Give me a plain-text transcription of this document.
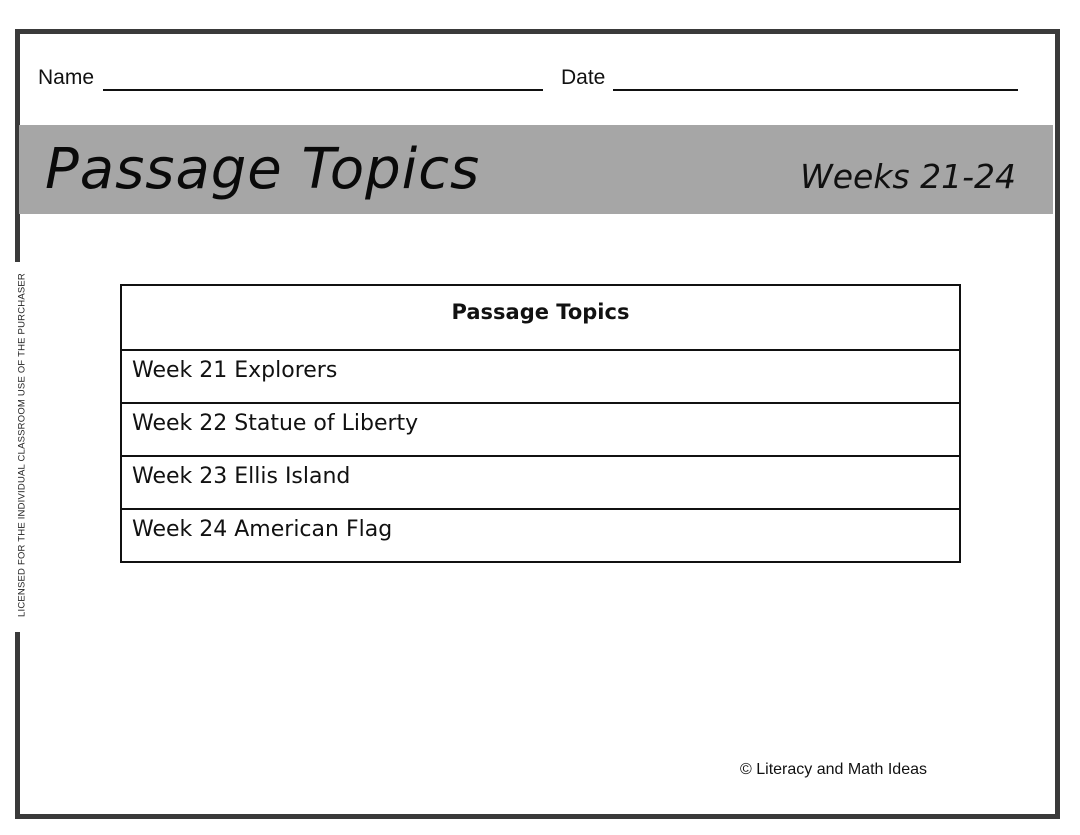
LICENSED FOR THE INDIVIDUAL CLASSROOM USE OF THE PURCHASER
Name	Date
Passage Topics	Weeks 21-24
Passage Topics
Week 21 Explorers
Week 22 Statue of Liberty
Week 23 Ellis Island
Week 24 American Flag
© Literacy and Math Ideas
